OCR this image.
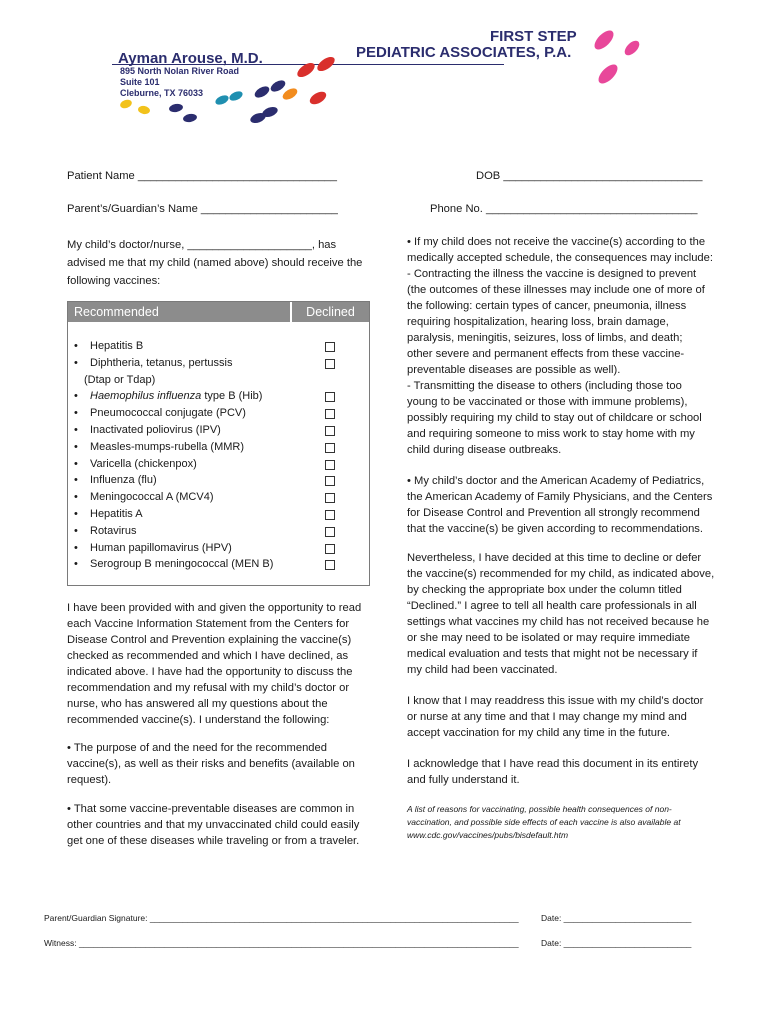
Ayman Arouse, M.D.
895 North Nolan River Road
Suite 101
Cleburne, TX 76033
FIRST STEP
PEDIATRIC ASSOCIATES, P.A.
Patient Name ________________________________	DOB ________________________________
Parent’s/Guardian’s Name ______________________	Phone No. __________________________________
My child’s doctor/nurse, ____________________, has
advised me that my child (named above) should receive the
following vaccines:
Recommended	Declined
• Hepatitis B
• Diphtheria, tetanus, pertussis
(Dtap or Tdap)
• Haemophilus influenza type B (Hib)
• Pneumococcal conjugate (PCV)
• Inactivated poliovirus (IPV)
• Measles-mumps-rubella (MMR)
• Varicella (chickenpox)
• Influenza (flu)
• Meningococcal A (MCV4)
• Hepatitis A
• Rotavirus
• Human papillomavirus (HPV)
• Serogroup B meningococcal (MEN B)
I have been provided with and given the opportunity to read
each Vaccine Information Statement from the Centers for
Disease Control and Prevention explaining the vaccine(s)
checked as recommended and which I have declined, as
indicated above. I have had the opportunity to discuss the
recommendation and my refusal with my child’s doctor or
nurse, who has answered all my questions about the
recommended vaccine(s). I understand the following:
• The purpose of and the need for the recommended
vaccine(s), as well as their risks and benefits (available on
request).
• That some vaccine-preventable diseases are common in
other countries and that my unvaccinated child could easily
get one of these diseases while traveling or from a traveler.
• If my child does not receive the vaccine(s) according to the
medically accepted schedule, the consequences may include:
- Contracting the illness the vaccine is designed to prevent
(the outcomes of these illnesses may include one of more of
the following: certain types of cancer, pneumonia, illness
requiring hospitalization, hearing loss, brain damage,
paralysis, meningitis, seizures, loss of limbs, and death;
other severe and permanent effects from these vaccine-
preventable diseases are possible as well).
- Transmitting the disease to others (including those too
young to be vaccinated or those with immune problems),
possibly requiring my child to stay out of childcare or school
and requiring someone to miss work to stay home with my
child during disease outbreaks.
• My child’s doctor and the American Academy of Pediatrics,
the American Academy of Family Physicians, and the Centers
for Disease Control and Prevention all strongly recommend
that the vaccine(s) be given according to recommendations.
Nevertheless, I have decided at this time to decline or defer
the vaccine(s) recommended for my child, as indicated above,
by checking the appropriate box under the column titled
“Declined.” I agree to tell all health care professionals in all
settings what vaccines my child has not received because he
or she may need to be isolated or may require immediate
medical evaluation and tests that might not be necessary if
my child had been vaccinated.
I know that I may readdress this issue with my child’s doctor
or nurse at any time and that I may change my mind and
accept vaccination for my child any time in the future.
I acknowledge that I have read this document in its entirety
and fully understand it.
A list of reasons for vaccinating, possible health consequences of non-
vaccination, and possible side effects of each vaccine is also available at
www.cdc.gov/vaccines/pubs/bisdefault.htm
Parent/Guardian Signature: ______________________________________________________________________________	Date: ___________________________
Witness: _____________________________________________________________________________________________	Date: ___________________________
